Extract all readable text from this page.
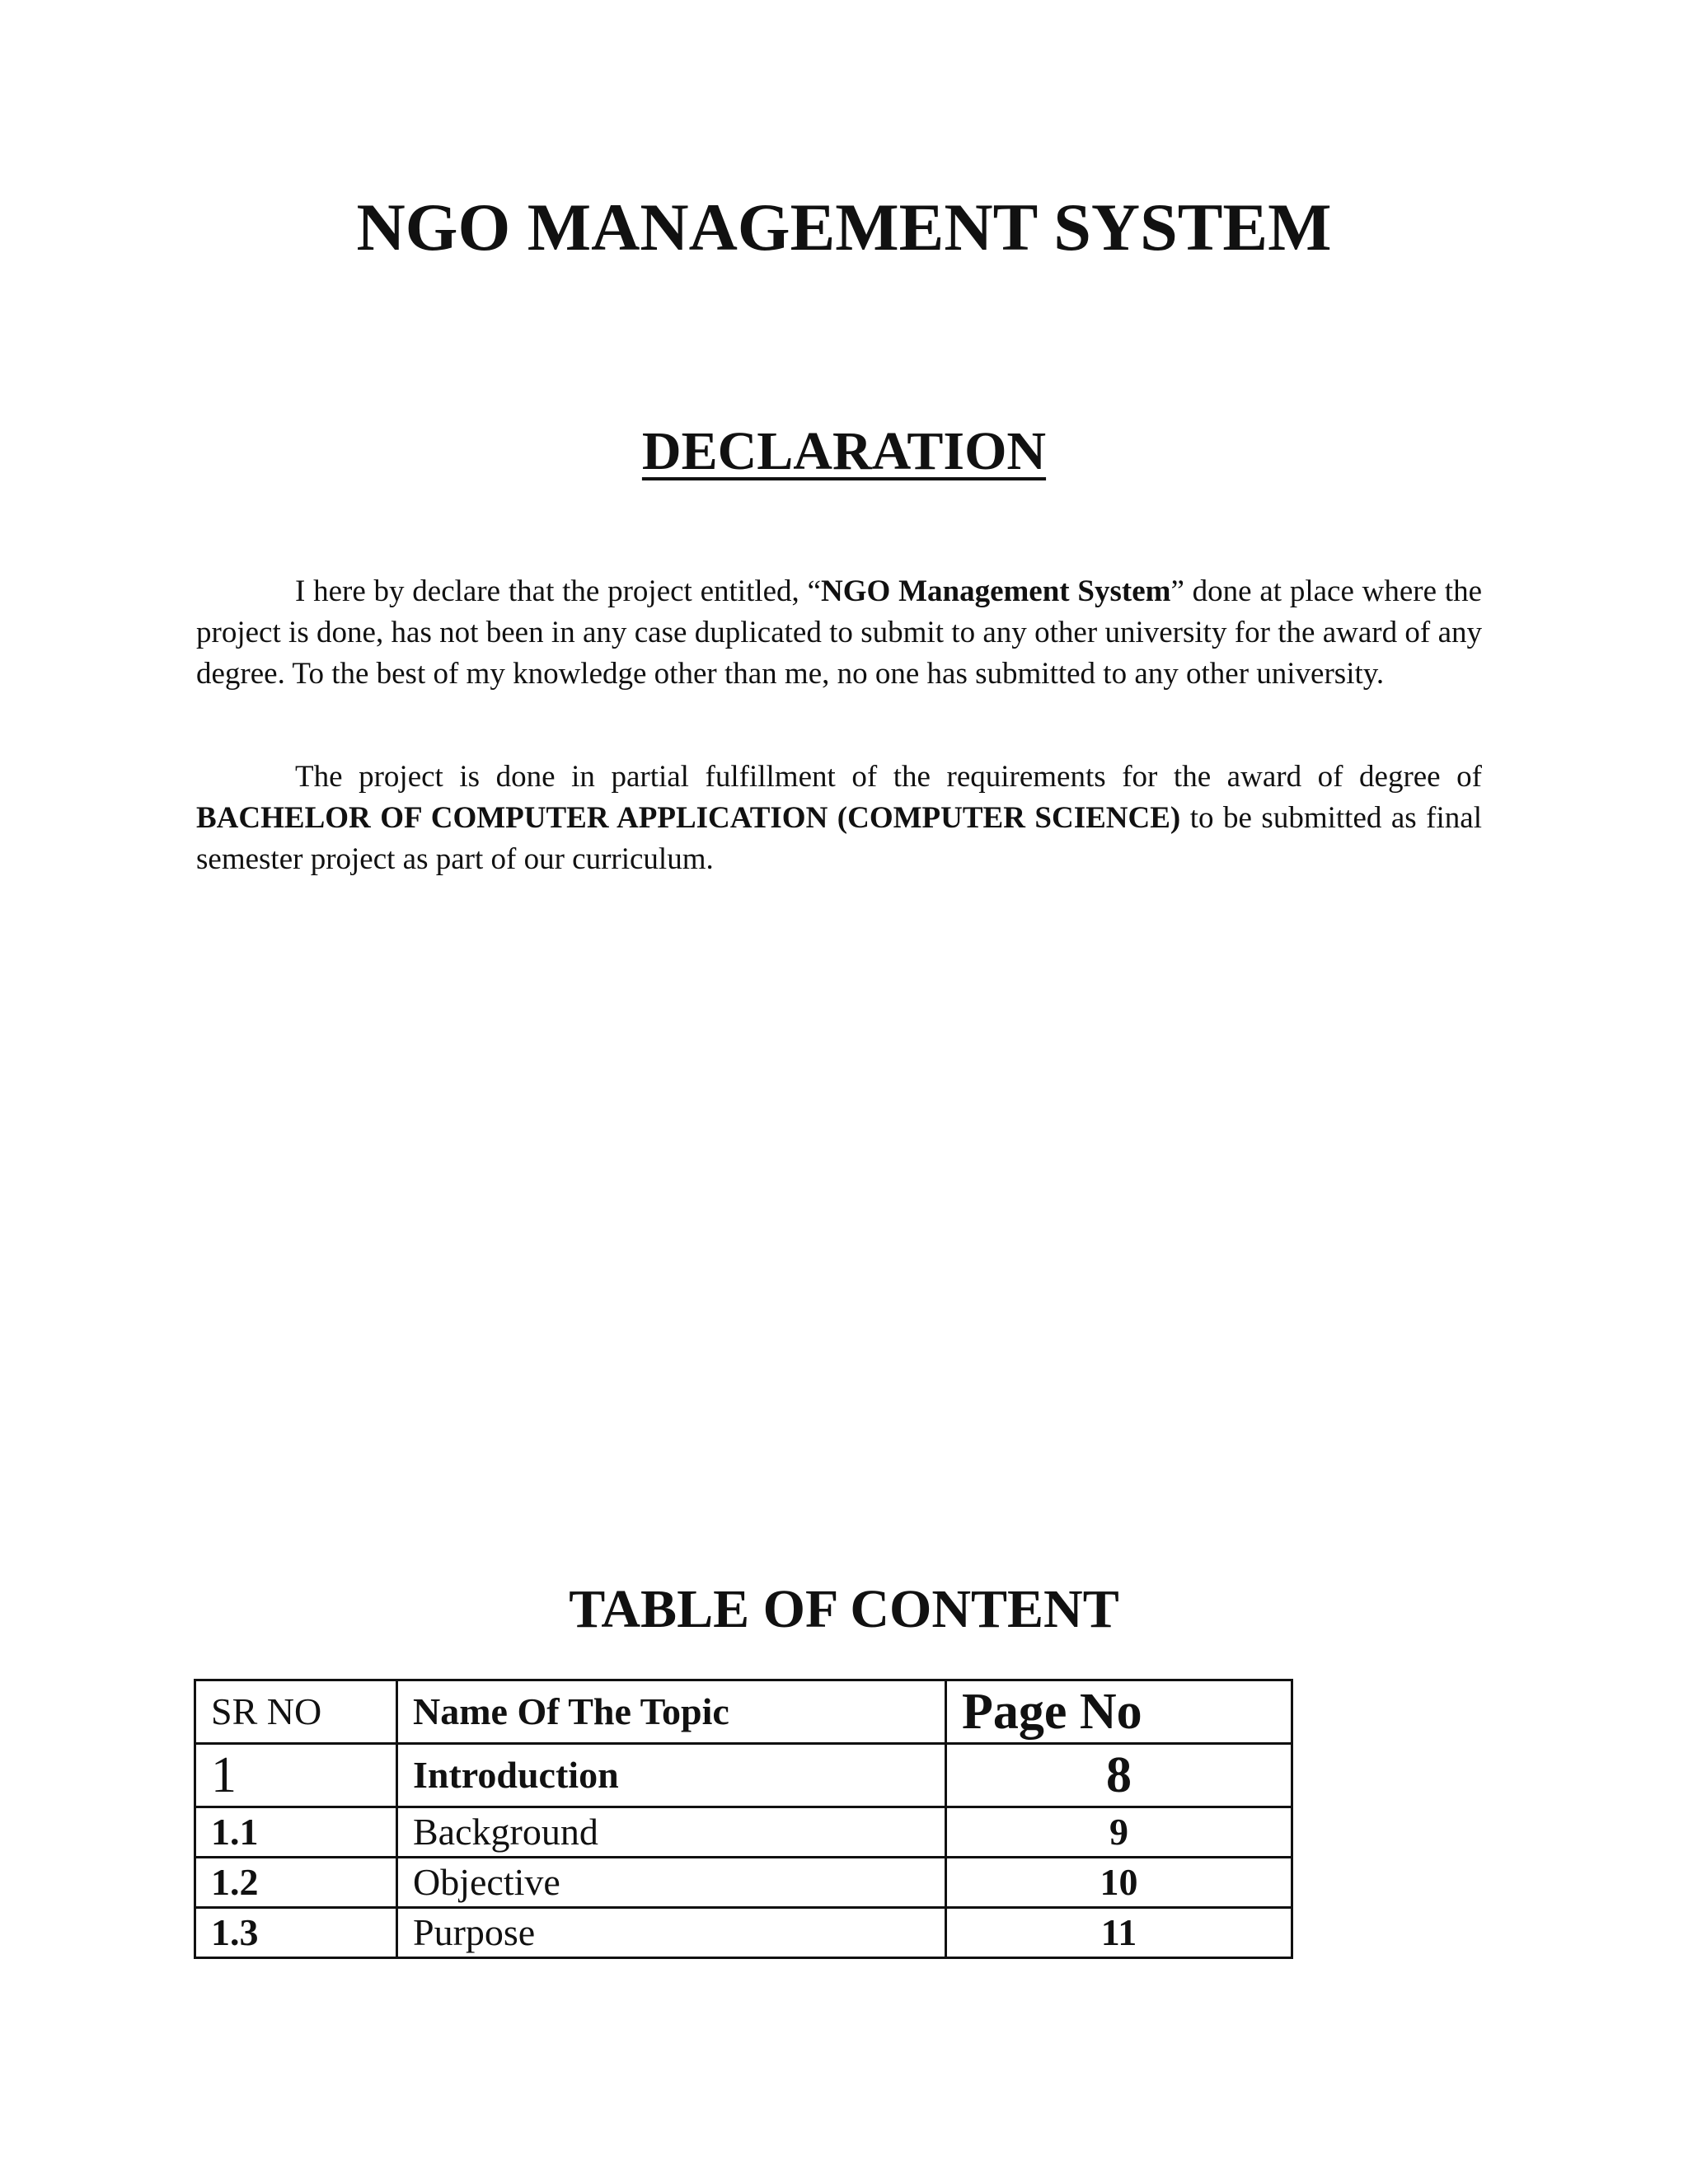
NGO MANAGEMENT SYSTEM
DECLARATION

I here by declare that the project entitled, “NGO Management System” done at place where the project is done, has not been in any case duplicated to submit to any other university for the award of any degree. To the best of my knowledge other than me, no one has submitted to any other university.

The project is done in partial fulfillment of the requirements for the award of degree of BACHELOR OF COMPUTER APPLICATION (COMPUTER SCIENCE) to be submitted as final semester project as part of our curriculum.

TABLE OF CONTENT
SR NO	Name Of The Topic	Page No
1	Introduction	8
1.1	Background	9
1.2	Objective	10
1.3	Purpose	11
